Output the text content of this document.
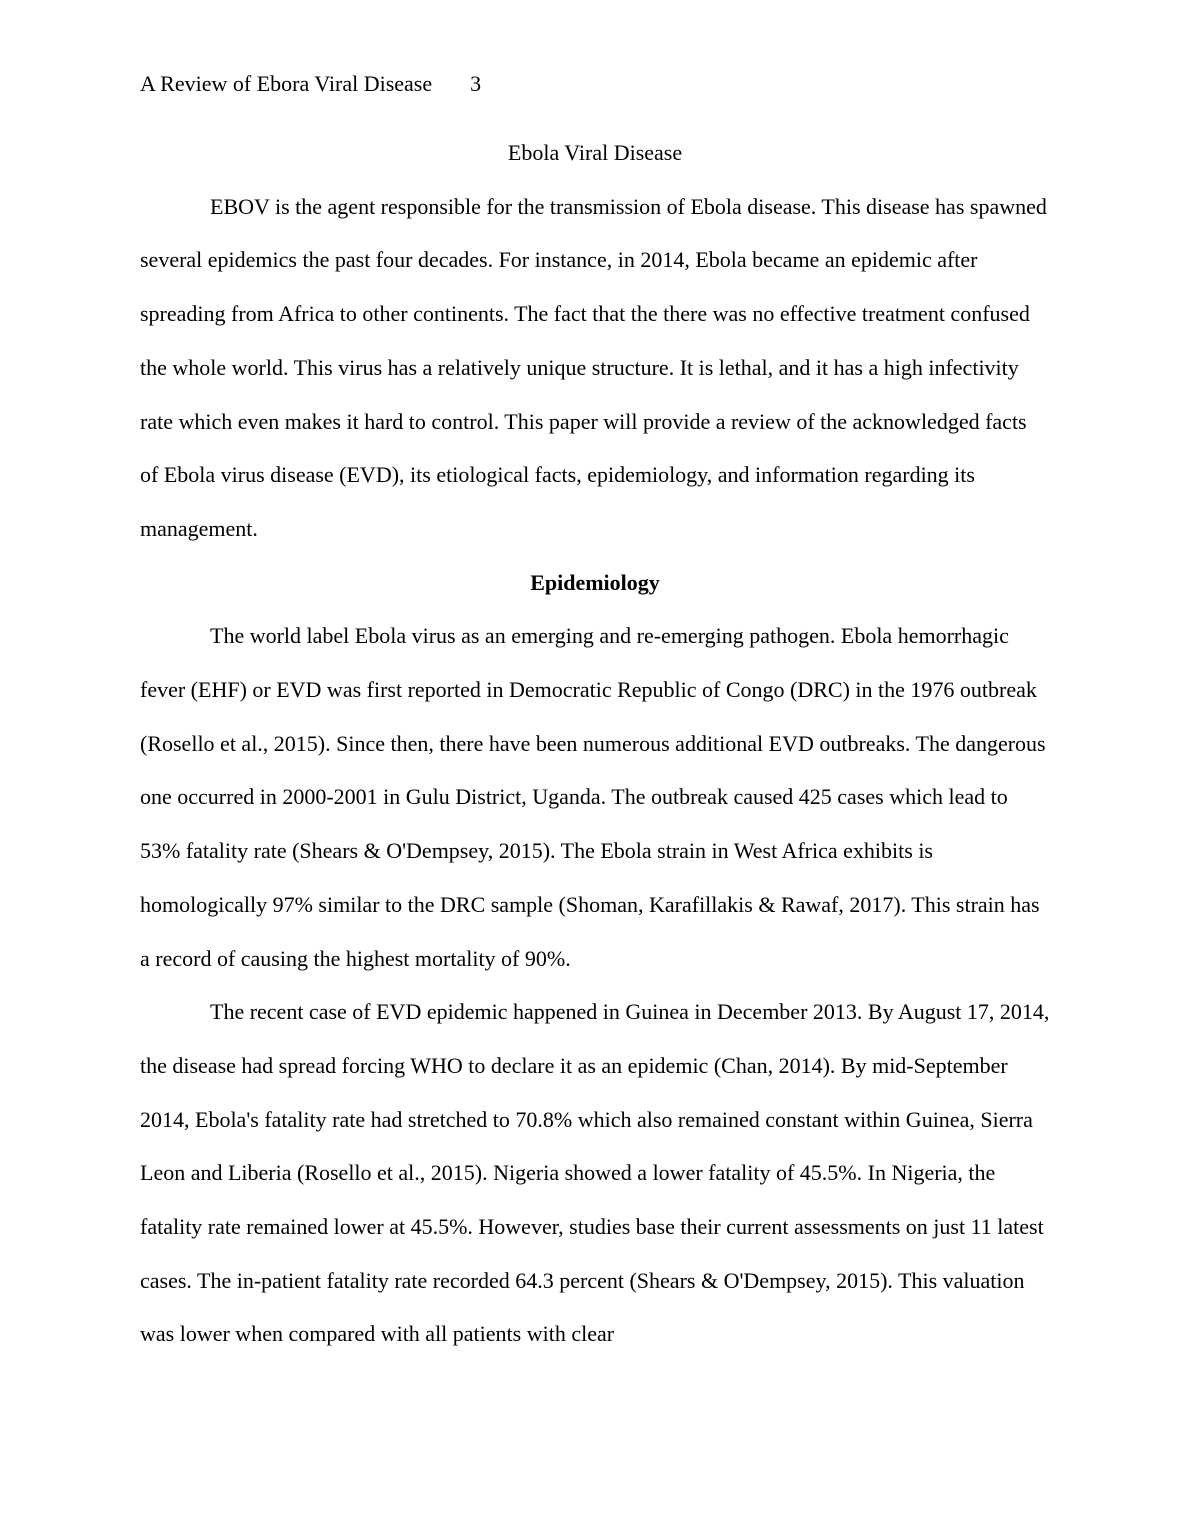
A Review of Ebora Viral Disease 3

Ebola Viral Disease

EBOV is the agent responsible for the transmission of Ebola disease. This disease has spawned several epidemics the past four decades. For instance, in 2014, Ebola became an epidemic after spreading from Africa to other continents. The fact that the there was no effective treatment confused the whole world. This virus has a relatively unique structure. It is lethal, and it has a high infectivity rate which even makes it hard to control. This paper will provide a review of the acknowledged facts of Ebola virus disease (EVD), its etiological facts, epidemiology, and information regarding its management.

Epidemiology

The world label Ebola virus as an emerging and re-emerging pathogen. Ebola hemorrhagic fever (EHF) or EVD was first reported in Democratic Republic of Congo (DRC) in the 1976 outbreak (Rosello et al., 2015). Since then, there have been numerous additional EVD outbreaks. The dangerous one occurred in 2000-2001 in Gulu District, Uganda. The outbreak caused 425 cases which lead to 53% fatality rate (Shears & O'Dempsey, 2015). The Ebola strain in West Africa exhibits is homologically 97% similar to the DRC sample (Shoman, Karafillakis & Rawaf, 2017). This strain has a record of causing the highest mortality of 90%.

The recent case of EVD epidemic happened in Guinea in December 2013. By August 17, 2014, the disease had spread forcing WHO to declare it as an epidemic (Chan, 2014). By mid-September 2014, Ebola's fatality rate had stretched to 70.8% which also remained constant within Guinea, Sierra Leon and Liberia (Rosello et al., 2015). Nigeria showed a lower fatality of 45.5%. In Nigeria, the fatality rate remained lower at 45.5%. However, studies base their current assessments on just 11 latest cases. The in-patient fatality rate recorded 64.3 percent (Shears & O'Dempsey, 2015). This valuation was lower when compared with all patients with clear
